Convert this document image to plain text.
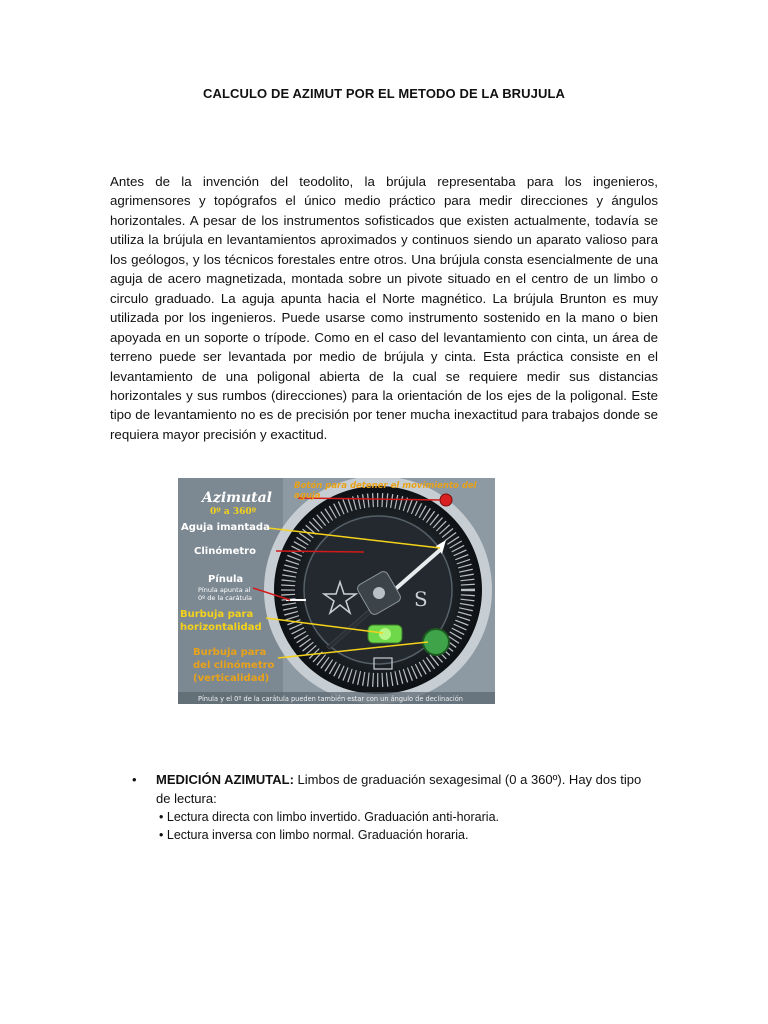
CALCULO DE AZIMUT POR EL METODO DE LA BRUJULA

Antes de la invención del teodolito, la brújula representaba para los ingenieros, agrimensores y topógrafos el único medio práctico para medir direcciones y ángulos horizontales. A pesar de los instrumentos sofisticados que existen actualmente, todavía se utiliza la brújula en levantamientos aproximados y continuos siendo un aparato valioso para los geólogos, y los técnicos forestales entre otros. Una brújula consta esencialmente de una aguja de acero magnetizada, montada sobre un pivote situado en el centro de un limbo o circulo graduado. La aguja apunta hacia el Norte magnético. La brújula Brunton es muy utilizada por los ingenieros. Puede usarse como instrumento sostenido en la mano o bien apoyada en un soporte o trípode. Como en el caso del levantamiento con cinta, un área de terreno puede ser levantada por medio de brújula y cinta. Esta práctica consiste en el levantamiento de una poligonal abierta de la cual se requiere medir sus distancias horizontales y sus rumbos (direcciones) para la orientación de los ejes de la poligonal. Este tipo de levantamiento no es de precisión por tener mucha inexactitud para trabajos donde se requiera mayor precisión y exactitud.

S
Azimutal
0º a 360º
Botón para detener el movimiento del
aguja
Aguja imantada
Clinómetro
Pínula
Pínula apunta al
0º de la carátula
Burbuja para
horizontalidad
Burbuja para
del clinómetro
(verticalidad)
Pínula y el 0º de la carátula pueden también estar con un ángulo de declinación
• MEDICIÓN AZIMUTAL: Limbos de graduación sexagesimal (0 a 360º). Hay dos tipo de lectura:
• Lectura directa con limbo invertido. Graduación anti-horaria.
• Lectura inversa con limbo normal. Graduación horaria.
